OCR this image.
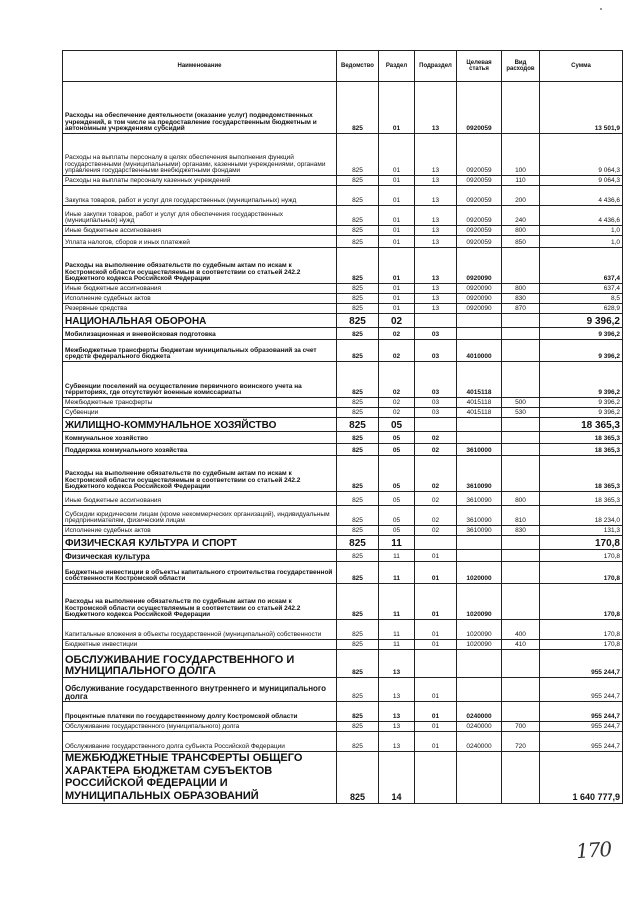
Наименование	Ведомство	Раздел	Подраздел	Целевая статья	Вид расходов	Сумма
Расходы на обеспечение деятельности (оказание услуг) подведомственных учреждений, в том числе на предоставление государственным бюджетным и автономным учреждениям субсидий	825	01	13	0920059		13 501,9
Расходы на выплаты персоналу в целях обеспечения выполнения функций государственными (муниципальными) органами, казенными учреждениями, органами управления государственными внебюджетными фондами	825	01	13	0920059	100	9 064,3
Расходы на выплаты персоналу казенных учреждений	825	01	13	0920059	110	9 064,3
Закупка товаров, работ и услуг для государственных (муниципальных) нужд	825	01	13	0920059	200	4 436,6
Иные закупки товаров, работ и услуг для обеспечения государственных (муниципальных) нужд	825	01	13	0920059	240	4 436,6
Иные бюджетные ассигнования	825	01	13	0920059	800	1,0
Уплата налогов, сборов и иных платежей	825	01	13	0920059	850	1,0
Расходы на выполнение обязательств по судебным актам по искам к Костромской области осуществляемым в соответствии со статьей 242.2 Бюджетного кодекса Российской Федерации	825	01	13	0920090		637,4
Иные бюджетные ассигнования	825	01	13	0920090	800	637,4
Исполнение судебных актов	825	01	13	0920090	830	8,5
Резервные средства	825	01	13	0920090	870	628,9
НАЦИОНАЛЬНАЯ ОБОРОНА	825	02				9 396,2
Мобилизационная и вневойсковая подготовка	825	02	03			9 396,2
Межбюджетные трансферты бюджетам муниципальных образований за счет средств федерального бюджета	825	02	03	4010000		9 396,2
Субвенции поселений на осуществление первичного воинского учета на территориях, где отсутствуют военные комиссариаты	825	02	03	4015118		9 396,2
Межбюджетные трансферты	825	02	03	4015118	500	9 396,2
Субвенции	825	02	03	4015118	530	9 396,2
ЖИЛИЩНО-КОММУНАЛЬНОЕ ХОЗЯЙСТВО	825	05				18 365,3
Коммунальное хозяйство	825	05	02			18 365,3
Поддержка коммунального хозяйства	825	05	02	3610000		18 365,3
Расходы на выполнение обязательств по судебным актам по искам к Костромской области осуществляемым в соответствии со статьей 242.2 Бюджетного кодекса Российской Федерации	825	05	02	3610090		18 365,3
Иные бюджетные ассигнования	825	05	02	3610090	800	18 365,3
Субсидии юридическим лицам (кроме некоммерческих организаций), индивидуальным предпринимателям, физическим лицам	825	05	02	3610090	810	18 234,0
Исполнение судебных актов	825	05	02	3610090	830	131,3
ФИЗИЧЕСКАЯ КУЛЬТУРА И СПОРТ	825	11				170,8
Физическая культура	825	11	01			170,8
Бюджетные инвестиции в объекты капитального строительства государственной собственности Костромской области	825	11	01	1020000		170,8
Расходы на выполнение обязательств по судебным актам по искам к Костромской области осуществляемым в соответствии со статьей 242.2 Бюджетного кодекса Российской Федерации	825	11	01	1020090		170,8
Капитальные вложения в объекты государственной (муниципальной) собственности	825	11	01	1020090	400	170,8
Бюджетные инвестиции	825	11	01	1020090	410	170,8
ОБСЛУЖИВАНИЕ ГОСУДАРСТВЕННОГО И МУНИЦИПАЛЬНОГО ДОЛГА	825	13				955 244,7
Обслуживание государственного внутреннего и муниципального долга	825	13	01			955 244,7
Процентные платежи по государственному долгу Костромской области	825	13	01	0240000		955 244,7
Обслуживание государственного (муниципального) долга	825	13	01	0240000	700	955 244,7
Обслуживание государственного долга субъекта Российской Федерации	825	13	01	0240000	720	955 244,7
МЕЖБЮДЖЕТНЫЕ ТРАНСФЕРТЫ ОБЩЕГО ХАРАКТЕРА БЮДЖЕТАМ СУБЪЕКТОВ РОССИЙСКОЙ ФЕДЕРАЦИИ И МУНИЦИПАЛЬНЫХ ОБРАЗОВАНИЙ	825	14				1 640 777,9
170
